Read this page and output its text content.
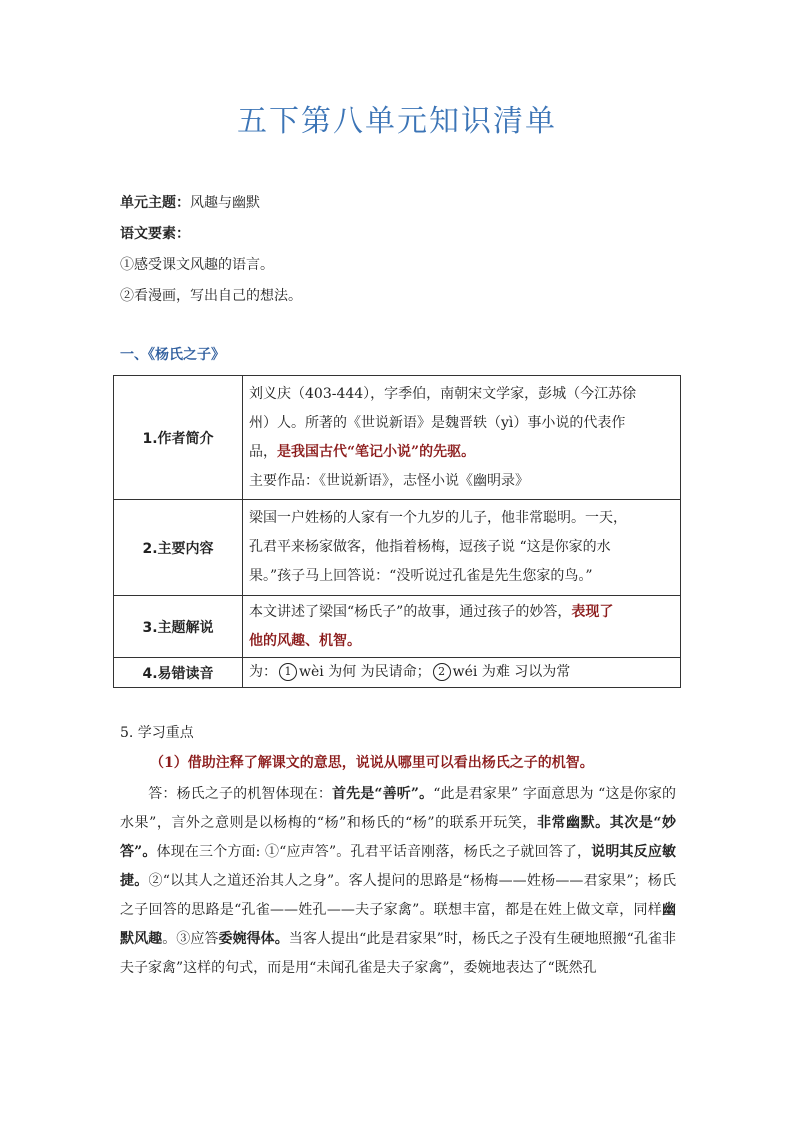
五下第八单元知识清单
单元主题：风趣与幽默
语文要素：
①感受课文风趣的语言。
②看漫画，写出自己的想法。
一、《杨氏之子》
1.作者简介	刘义庆（403-444），字季伯，南朝宋文学家，彭城（今江苏徐
州）人。所著的《世说新语》是魏晋轶（yì）事小说的代表作
品，是我国古代“笔记小说”的先驱。
主要作品：《世说新语》，志怪小说《幽明录》

2.主要内容	梁国一户姓杨的人家有一个九岁的儿子，他非常聪明。一天，
孔君平来杨家做客，他指着杨梅，逗孩子说 “这是你家的水
果。”孩子马上回答说：“没听说过孔雀是先生您家的鸟。”

3.主题解说	本文讲述了梁国“杨氏子”的故事，通过孩子的妙答，表现了
他的风趣、机智。
4.易错读音	为： 1 wèi 为何 为民请命； 2 wéi 为难 习以为常
5. 学习重点
（1）借助注释了解课文的意思，说说从哪里可以看出杨氏之子的机智。
　　答：杨氏之子的机智体现在：首先是“善听”。“此是君家果” 字面意思为 “这是你家的水果”，言外之意则是以杨梅的“杨”和杨氏的“杨”的联系开玩笑，非常幽默。其次是“妙答”。体现在三个方面: ①“应声答”。孔君平话音刚落，杨氏之子就回答了，说明其反应敏捷。②“以其人之道还治其人之身”。客人提问的思路是“杨梅——姓杨——君家果”；杨氏之子回答的思路是“孔雀——姓孔——夫子家禽”。联想丰富，都是在姓上做文章，同样幽默风趣。③应答委婉得体。当客人提出“此是君家果”时，杨氏之子没有生硬地照搬“孔雀非夫子家禽”这样的句式，而是用“未闻孔雀是夫子家禽”，委婉地表达了“既然孔
